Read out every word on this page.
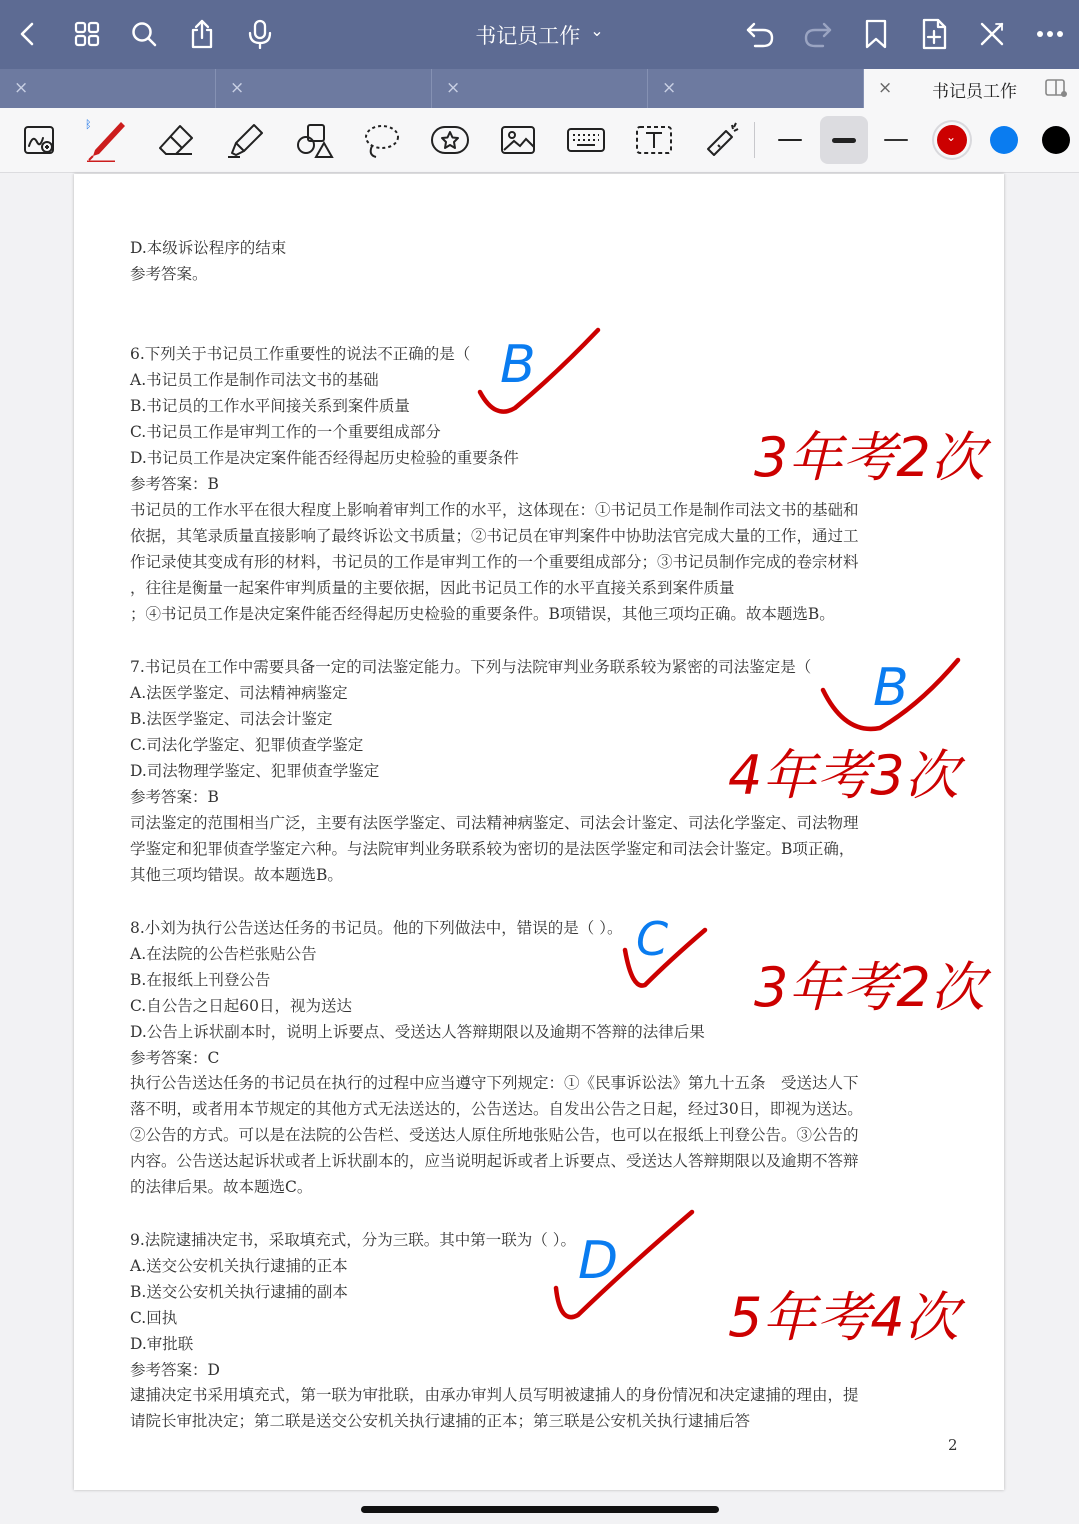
书记员工作 ⌄
×	×	×	×	× 书记员工作
ᛒ
⌄
D.本级诉讼程序的结束
参考答案。
6.下列关于书记员工作重要性的说法不正确的是（
A.书记员工作是制作司法文书的基础
B.书记员的工作水平间接关系到案件质量
C.书记员工作是审判工作的一个重要组成部分
D.书记员工作是决定案件能否经得起历史检验的重要条件
参考答案：B
书记员的工作水平在很大程度上影响着审判工作的水平，这体现在：①书记员工作是制作司法文书的基础和
依据，其笔录质量直接影响了最终诉讼文书质量；②书记员在审判案件中协助法官完成大量的工作，通过工
作记录使其变成有形的材料，书记员的工作是审判工作的一个重要组成部分；③书记员制作完成的卷宗材料
，往往是衡量一起案件审判质量的主要依据，因此书记员工作的水平直接关系到案件质量
；④书记员工作是决定案件能否经得起历史检验的重要条件。B项错误，其他三项均正确。故本题选B。
7.书记员在工作中需要具备一定的司法鉴定能力。下列与法院审判业务联系较为紧密的司法鉴定是（
A.法医学鉴定、司法精神病鉴定
B.法医学鉴定、司法会计鉴定
C.司法化学鉴定、犯罪侦查学鉴定
D.司法物理学鉴定、犯罪侦查学鉴定
参考答案：B
司法鉴定的范围相当广泛，主要有法医学鉴定、司法精神病鉴定、司法会计鉴定、司法化学鉴定、司法物理
学鉴定和犯罪侦查学鉴定六种。与法院审判业务联系较为密切的是法医学鉴定和司法会计鉴定。B项正确，
其他三项均错误。故本题选B。
8.小刘为执行公告送达任务的书记员。他的下列做法中，错误的是（ ）。
A.在法院的公告栏张贴公告
B.在报纸上刊登公告
C.自公告之日起60日，视为送达
D.公告上诉状副本时，说明上诉要点、受送达人答辩期限以及逾期不答辩的法律后果
参考答案：C
执行公告送达任务的书记员在执行的过程中应当遵守下列规定：①《民事诉讼法》第九十五条　受送达人下
落不明，或者用本节规定的其他方式无法送达的，公告送达。自发出公告之日起，经过30日，即视为送达。
②公告的方式。可以是在法院的公告栏、受送达人原住所地张贴公告，也可以在报纸上刊登公告。③公告的
内容。公告送达起诉状或者上诉状副本的，应当说明起诉或者上诉要点、受送达人答辩期限以及逾期不答辩
的法律后果。故本题选C。
9.法院逮捕决定书，采取填充式，分为三联。其中第一联为（ ）。
A.送交公安机关执行逮捕的正本
B.送交公安机关执行逮捕的副本
C.回执
D.审批联
参考答案：D
逮捕决定书采用填充式，第一联为审批联，由承办审判人员写明被逮捕人的身份情况和决定逮捕的理由，提
请院长审批决定；第二联是送交公安机关执行逮捕的正本；第三联是公安机关执行逮捕后答
2
B
B
C
D
3年考2次
4年考3次
3年考2次
5年考4次
